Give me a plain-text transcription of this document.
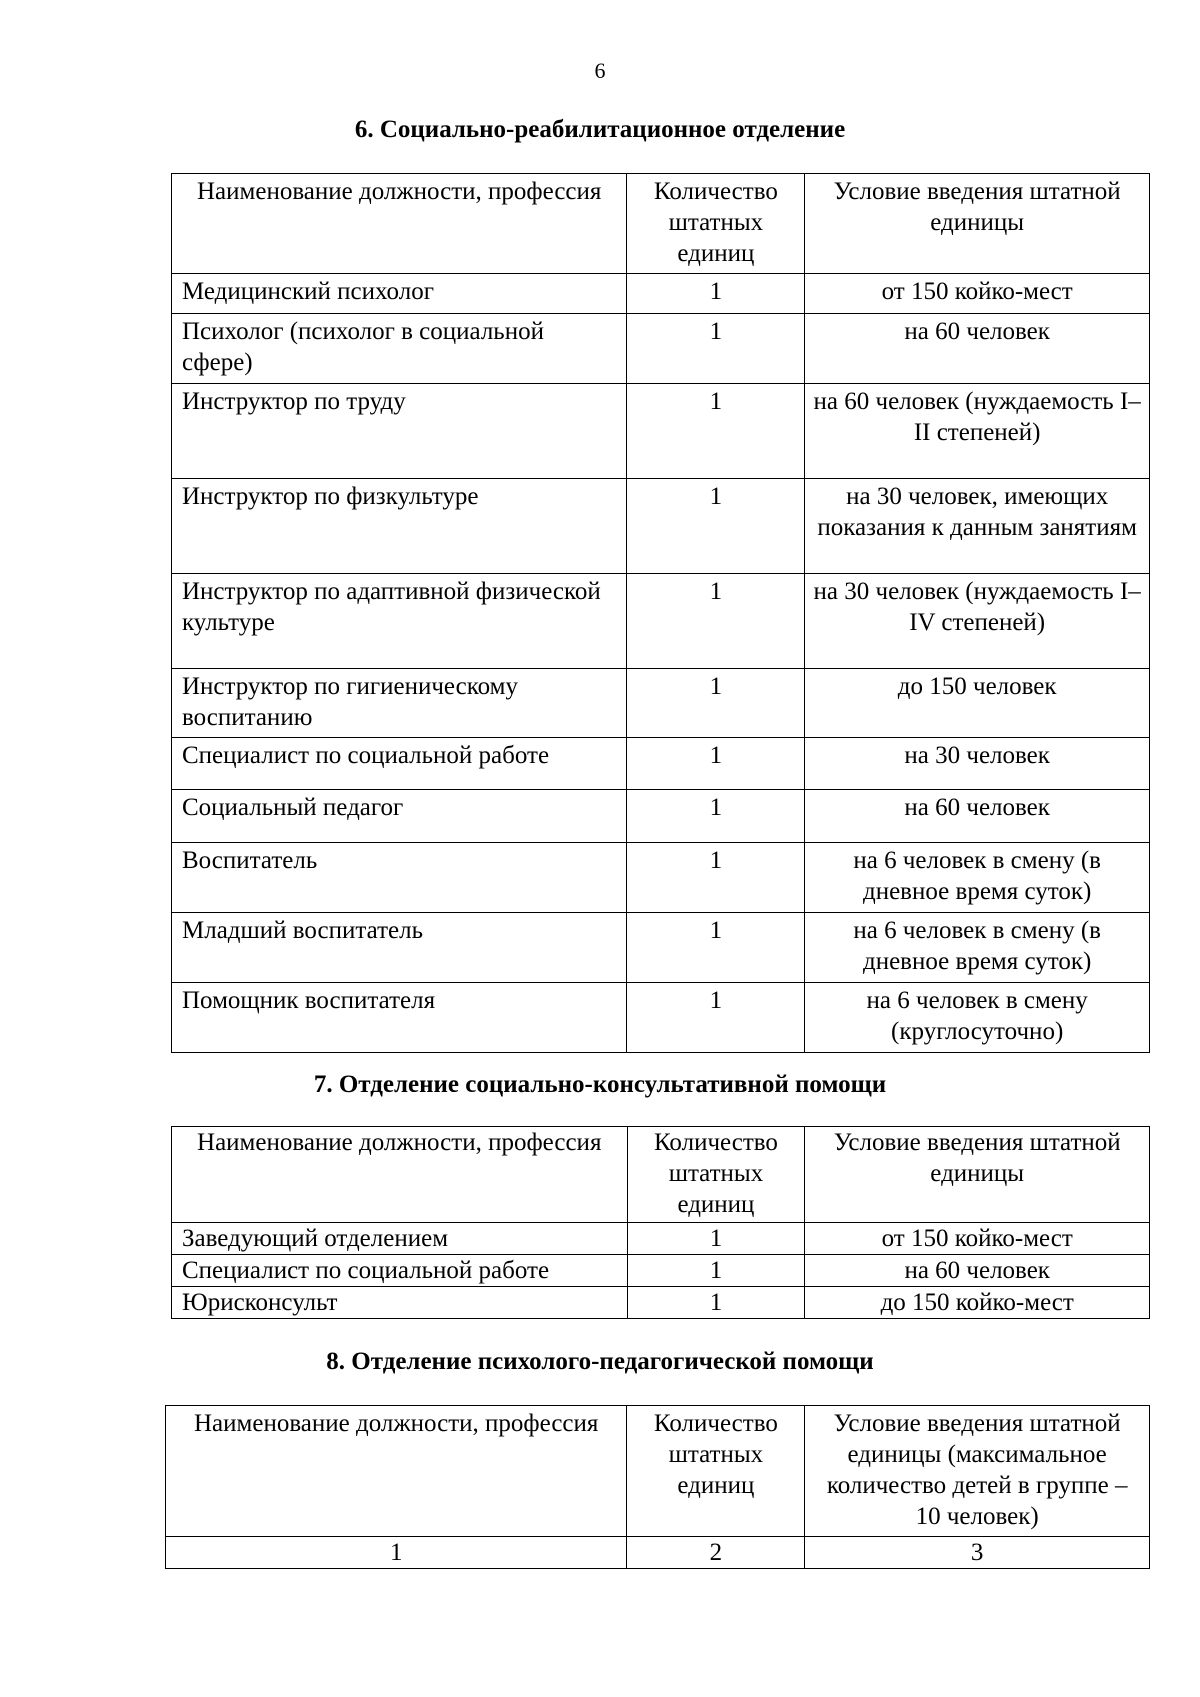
6
6. Социально-реабилитационное отделение
Наименование должности, профессия	Количество штатных единиц	Условие введения штатной единицы
Медицинский психолог	1	от 150 койко-мест
Психолог (психолог в социальной сфере)	1	на 60 человек
Инструктор по труду	1	на 60 человек (нуждаемость I–II степеней)
Инструктор по физкультуре	1	на 30 человек, имеющих показания к данным занятиям
Инструктор по адаптивной физической культуре	1	на 30 человек (нуждаемость I–IV степеней)
Инструктор по гигиеническому воспитанию	1	до 150 человек
Специалист по социальной работе	1	на 30 человек
Социальный педагог	1	на 60 человек
Воспитатель	1	на 6 человек в смену (в дневное время суток)
Младший воспитатель	1	на 6 человек в смену (в дневное время суток)
Помощник воспитателя	1	на 6 человек в смену (круглосуточно)
7. Отделение социально-консультативной помощи
Наименование должности, профессия	Количество штатных единиц	Условие введения штатной единицы
Заведующий отделением	1	от 150 койко-мест
Специалист по социальной работе	1	на 60 человек
Юрисконсульт	1	до 150 койко-мест
8. Отделение психолого-педагогической помощи
Наименование должности, профессия	Количество штатных единиц	Условие введения штатной единицы (максимальное количество детей в группе – 10 человек)
1	2	3
